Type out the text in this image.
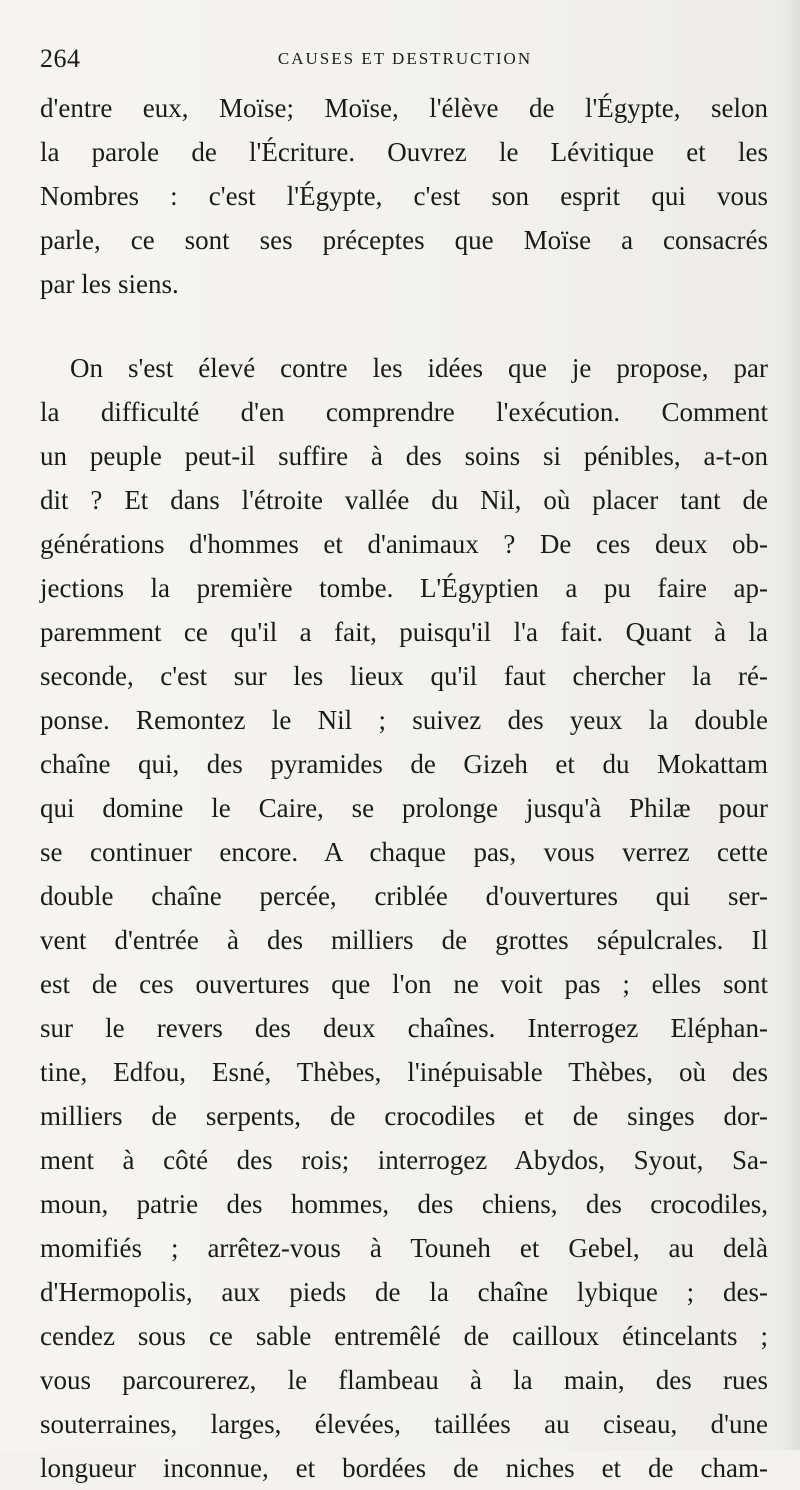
264	CAUSES ET DESTRUCTION
d'entre eux, Moïse; Moïse, l'élève de l'Égypte, selon
la parole de l'Écriture. Ouvrez le Lévitique et les
Nombres : c'est l'Égypte, c'est son esprit qui vous
parle, ce sont ses préceptes que Moïse a consacrés
par les siens.
On s'est élevé contre les idées que je propose, par
la difficulté d'en comprendre l'exécution. Comment
un peuple peut-il suffire à des soins si pénibles, a-t-on
dit ? Et dans l'étroite vallée du Nil, où placer tant de
générations d'hommes et d'animaux ? De ces deux ob-
jections la première tombe. L'Égyptien a pu faire ap-
paremment ce qu'il a fait, puisqu'il l'a fait. Quant à la
seconde, c'est sur les lieux qu'il faut chercher la ré-
ponse. Remontez le Nil ; suivez des yeux la double
chaîne qui, des pyramides de Gizeh et du Mokattam
qui domine le Caire, se prolonge jusqu'à Philæ pour
se continuer encore. A chaque pas, vous verrez cette
double chaîne percée, criblée d'ouvertures qui ser-
vent d'entrée à des milliers de grottes sépulcrales. Il
est de ces ouvertures que l'on ne voit pas ; elles sont
sur le revers des deux chaînes. Interrogez Eléphan-
tine, Edfou, Esné, Thèbes, l'inépuisable Thèbes, où des
milliers de serpents, de crocodiles et de singes dor-
ment à côté des rois; interrogez Abydos, Syout, Sa-
moun, patrie des hommes, des chiens, des crocodiles,
momifiés ; arrêtez-vous à Touneh et Gebel, au delà
d'Hermopolis, aux pieds de la chaîne lybique ; des-
cendez sous ce sable entremêlé de cailloux étincelants ;
vous parcourerez, le flambeau à la main, des rues
souterraines, larges, élevées, taillées au ciseau, d'une
longueur inconnue, et bordées de niches et de cham-
